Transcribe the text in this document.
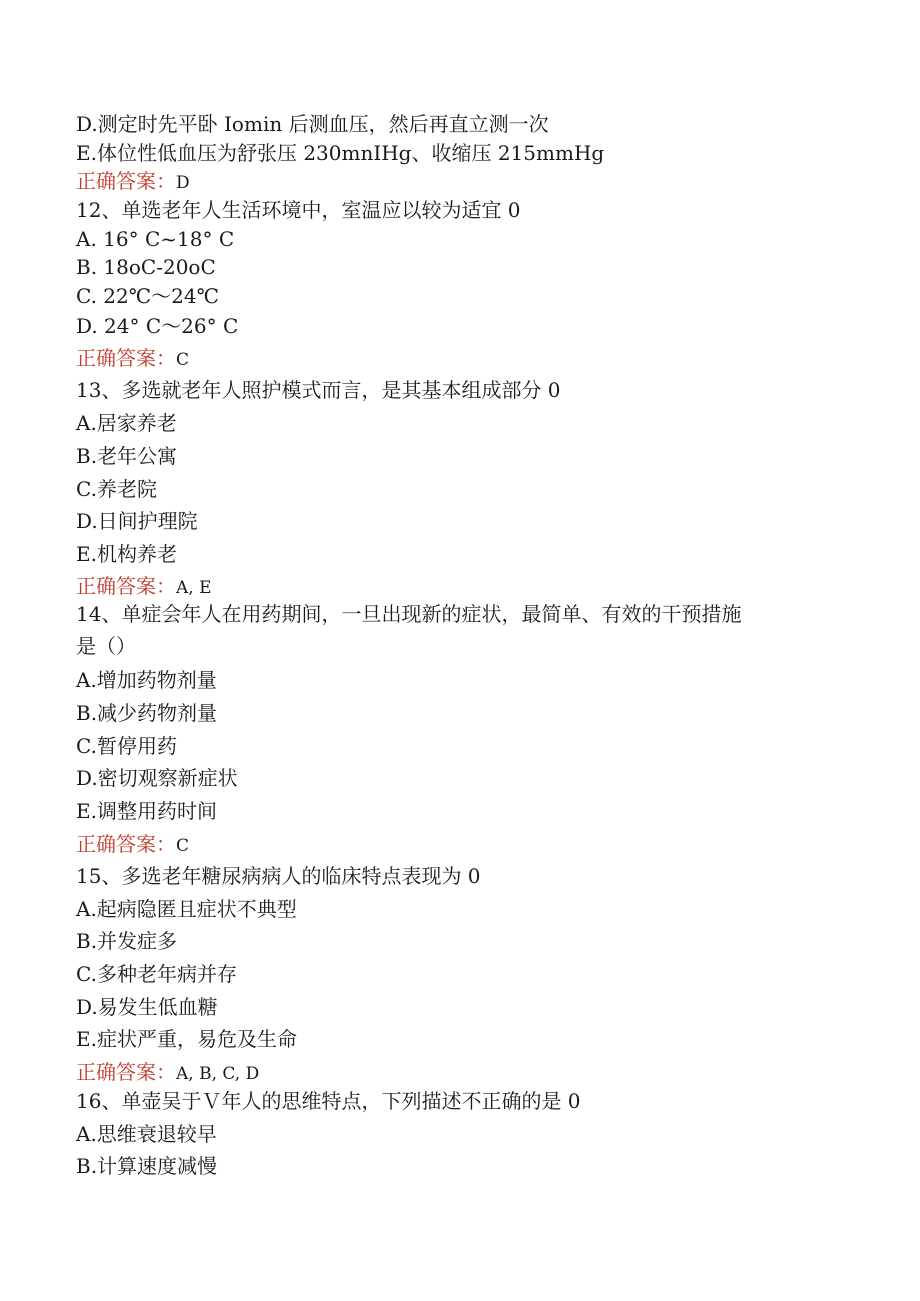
D.测定时先平卧 Iomin 后测血压，然后再直立测一次
E.体位性低血压为舒张压 230mnIHg、收缩压 215mmHg
正确答案：D
12、单选老年人生活环境中，室温应以较为适宜 0
A. 16° C~18° C
B. 18oC-20oC
C. 22℃～24℃
D. 24° C～26° C
正确答案：C
13、多选就老年人照护模式而言，是其基本组成部分 0
A.居家养老
B.老年公寓
C.养老院
D.日间护理院
E.机构养老
正确答案：A, E
14、单症会年人在用药期间，一旦出现新的症状，最简单、有效的干预措施
是（）
A.增加药物剂量
B.减少药物剂量
C.暂停用药
D.密切观察新症状
E.调整用药时间
正确答案：C
15、多选老年糖尿病病人的临床特点表现为 0
A.起病隐匿且症状不典型
B.并发症多
C.多种老年病并存
D.易发生低血糖
E.症状严重，易危及生命
正确答案：A, B, C, D
16、单壶吴于Ｖ年人的思维特点，下列描述不正确的是 0
A.思维衰退较早
B.计算速度减慢
